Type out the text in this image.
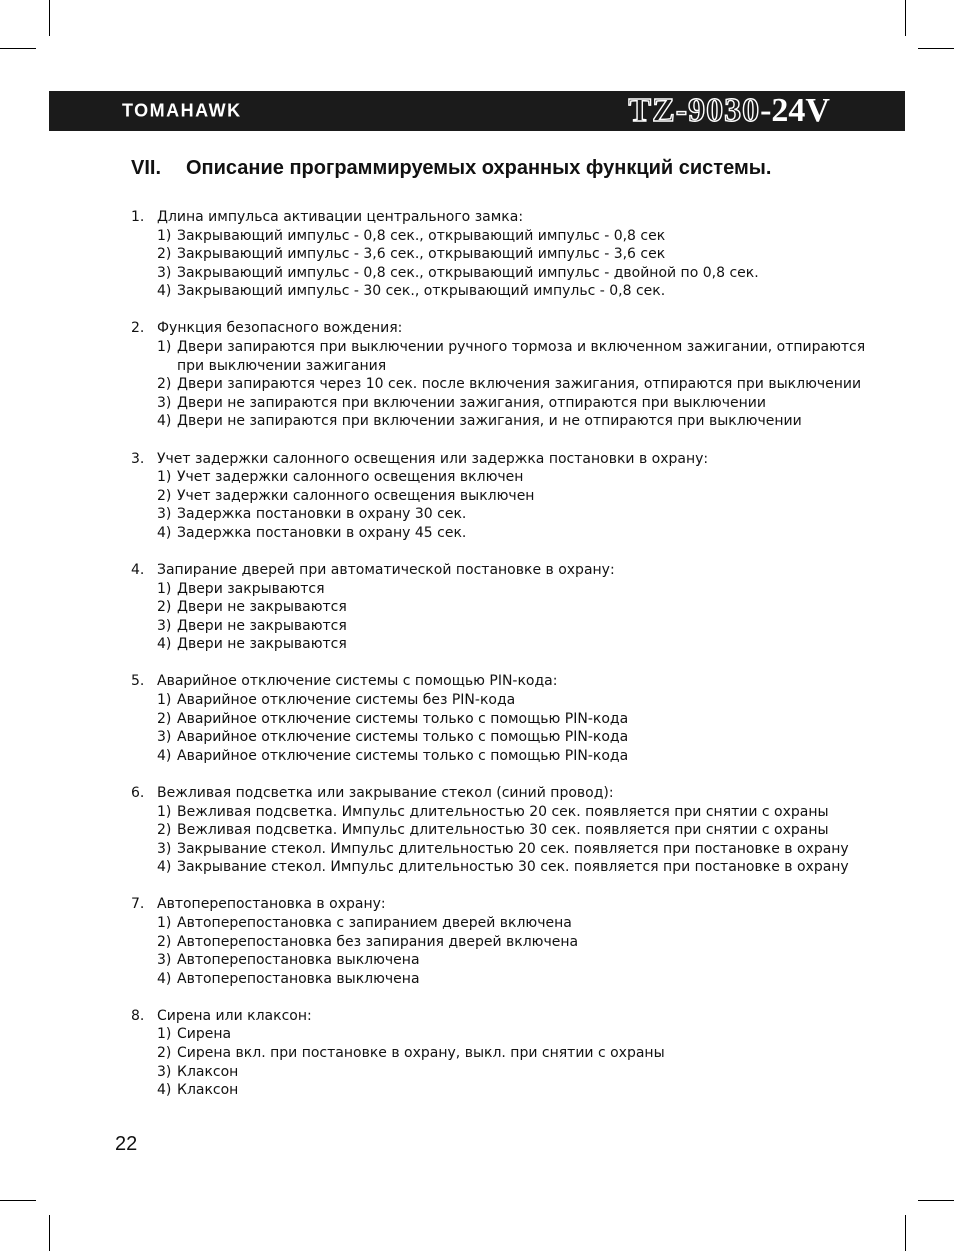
TOMAHAWK	TZ-9030-24V
VII. Описание программируемых охранных функций системы.
1. Длина импульса активации центрального замка:
1) Закрывающий импульс - 0,8 сек., открывающий импульс - 0,8 сек
2) Закрывающий импульс - 3,6 сек., открывающий импульс - 3,6 сек
3) Закрывающий импульс - 0,8 сек., открывающий импульс - двойной по 0,8 сек.
4) Закрывающий импульс - 30 сек., открывающий импульс - 0,8 сек.
2. Функция безопасного вождения:
1) Двери запираются при выключении ручного тормоза и включенном зажигании, отпираются
при выключении зажигания
2) Двери запираются через 10 сек. после включения зажигания, отпираются при выключении
3) Двери не запираются при включении зажигания, отпираются при выключении
4) Двери не запираются при включении зажигания, и не отпираются при выключении
3. Учет задержки салонного освещения или задержка постановки в охрану:
1) Учет задержки салонного освещения включен
2) Учет задержки салонного освещения выключен
3) Задержка постановки в охрану 30 сек.
4) Задержка постановки в охрану 45 сек.
4. Запирание дверей при автоматической постановке в охрану:
1) Двери закрываются
2) Двери не закрываются
3) Двери не закрываются
4) Двери не закрываются
5. Аварийное отключение системы с помощью PIN-кода:
1) Аварийное отключение системы без PIN-кода
2) Аварийное отключение системы только с помощью PIN-кода
3) Аварийное отключение системы только с помощью PIN-кода
4) Аварийное отключение системы только с помощью PIN-кода
6. Вежливая подсветка или закрывание стекол (синий провод):
1) Вежливая подсветка. Импульс длительностью 20 сек. появляется при снятии с охраны
2) Вежливая подсветка. Импульс длительностью 30 сек. появляется при снятии с охраны
3) Закрывание стекол. Импульс длительностью 20 сек. появляется при постановке в охрану
4) Закрывание стекол. Импульс длительностью 30 сек. появляется при постановке в охрану
7. Автоперепостановка в охрану:
1) Автоперепостановка с запиранием дверей включена
2) Автоперепостановка без запирания дверей включена
3) Автоперепостановка выключена
4) Автоперепостановка выключена
8. Сирена или клаксон:
1) Сирена
2) Сирена вкл. при постановке в охрану, выкл. при снятии с охраны
3) Клаксон
4) Клаксон
22
